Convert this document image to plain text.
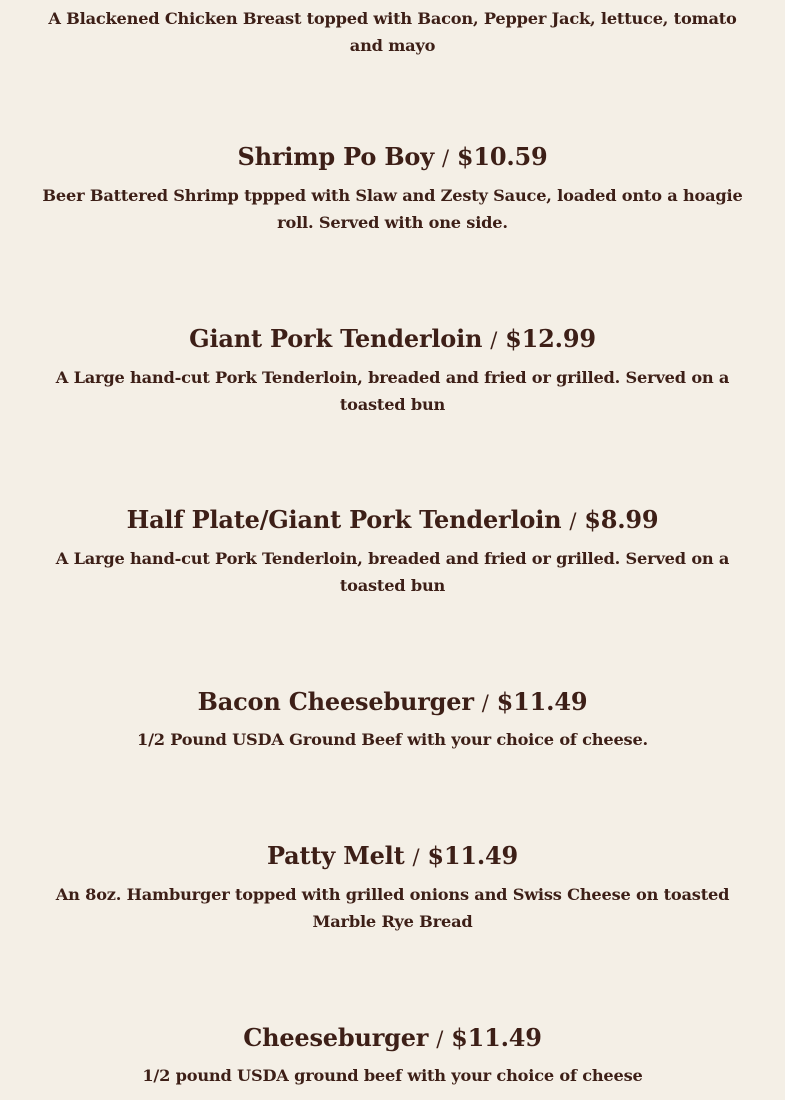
A Blackened Chicken Breast topped with Bacon, Pepper Jack, lettuce, tomato and mayo

Shrimp Po Boy / $10.59

Beer Battered Shrimp tppped with Slaw and Zesty Sauce, loaded onto a hoagie roll. Served with one side.

Giant Pork Tenderloin / $12.99

A Large hand-cut Pork Tenderloin, breaded and fried or grilled. Served on a toasted bun

Half Plate/Giant Pork Tenderloin / $8.99

A Large hand-cut Pork Tenderloin, breaded and fried or grilled. Served on a toasted bun

Bacon Cheeseburger / $11.49

1/2 Pound USDA Ground Beef with your choice of cheese.

Patty Melt / $11.49

An 8oz. Hamburger topped with grilled onions and Swiss Cheese on toasted Marble Rye Bread

Cheeseburger / $11.49

1/2 pound USDA ground beef with your choice of cheese
